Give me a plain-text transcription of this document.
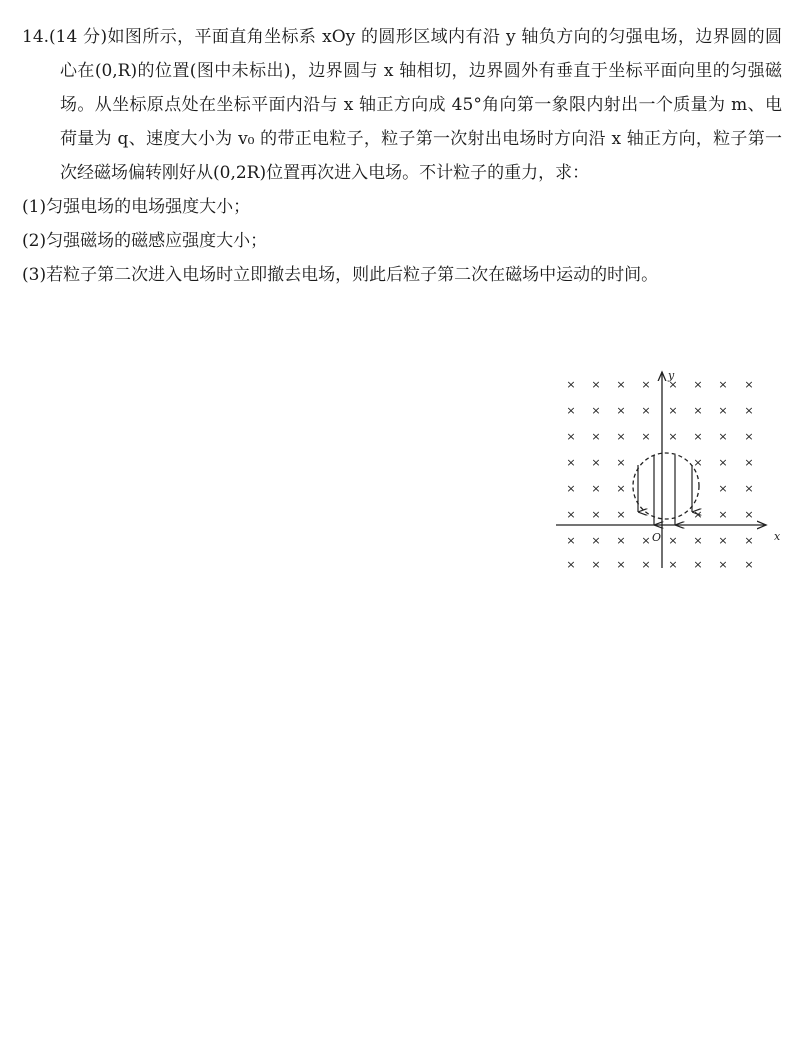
14.(14 分)如图所示，平面直角坐标系 xOy 的圆形区域内有沿 y 轴负方向的匀强电场，边界圆的圆心在(0,R)的位置(图中未标出)，边界圆与 x 轴相切，边界圆外有垂直于坐标平面向里的匀强磁场。从坐标原点处在坐标平面内沿与 x 轴正方向成 45°角向第一象限内射出一个质量为 m、电荷量为 q、速度大小为 v₀ 的带正电粒子，粒子第一次射出电场时方向沿 x 轴正方向，粒子第一次经磁场偏转刚好从(0,2R)位置再次进入电场。不计粒子的重力，求：

(1)匀强电场的电场强度大小；

(2)匀强磁场的磁感应强度大小；

(3)若粒子第二次进入电场时立即撤去电场，则此后粒子第二次在磁场中运动的时间。

× × × × × × × ×
× × × × × × × ×
× × × × × × × ×
× × ×	× × ×
× × ×	× ×
× × ×	× × ×
× × × × × × × ×
× × × × × × × ×
x
y
O
